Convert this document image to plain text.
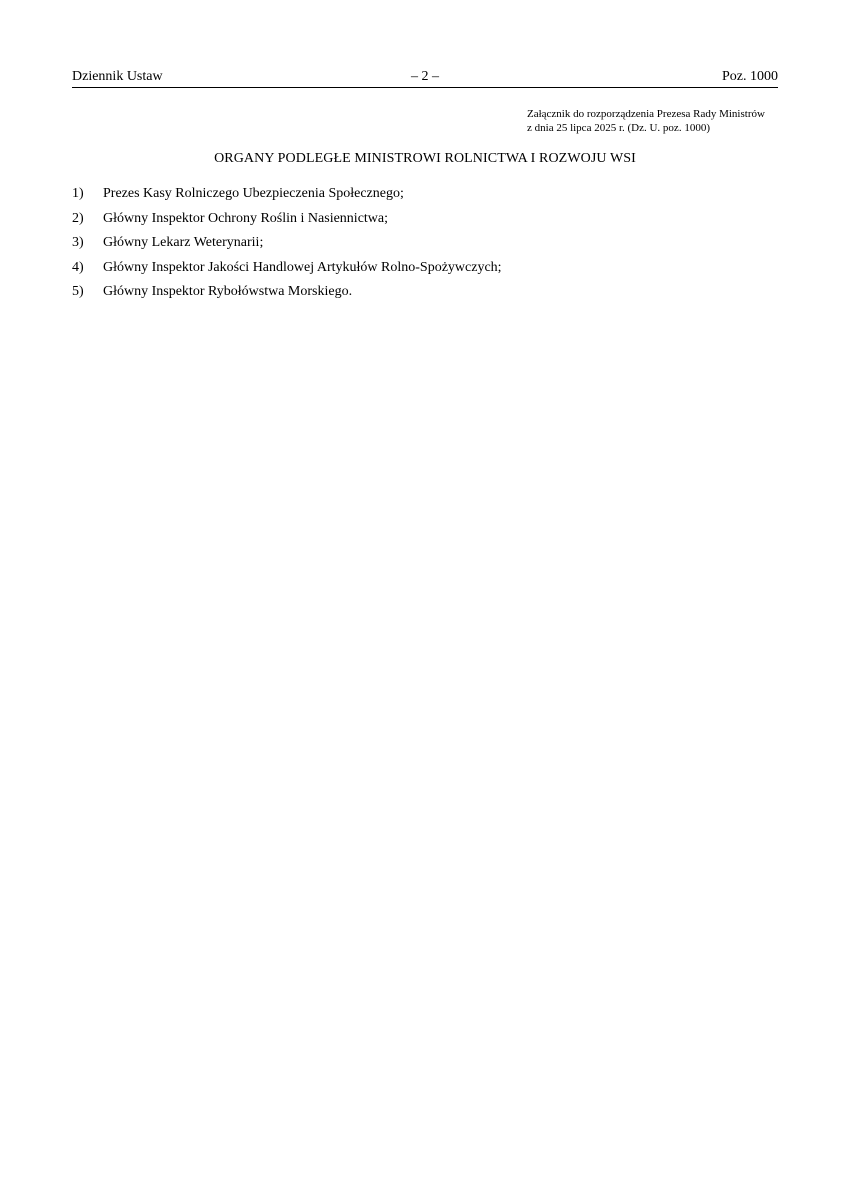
Dziennik Ustaw	– 2 –	Poz. 1000
Załącznik do rozporządzenia Prezesa Rady Ministrów
z dnia 25 lipca 2025 r. (Dz. U. poz. 1000)
ORGANY PODLEGŁE MINISTROWI ROLNICTWA I ROZWOJU WSI
1) Prezes Kasy Rolniczego Ubezpieczenia Społecznego;
2) Główny Inspektor Ochrony Roślin i Nasiennictwa;
3) Główny Lekarz Weterynarii;
4) Główny Inspektor Jakości Handlowej Artykułów Rolno-Spożywczych;
5) Główny Inspektor Rybołówstwa Morskiego.
